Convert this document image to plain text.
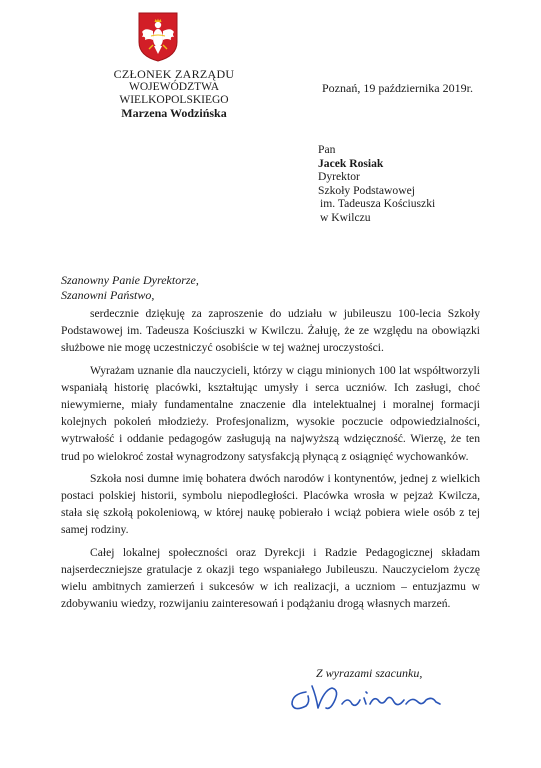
CZŁONEK ZARZĄDU
WOJEWÓDZTWA WIELKOPOLSKIEGO
Marzena Wodzińska
Poznań, 19 października 2019r.
Pan
Jacek Rosiak
Dyrektor
Szkoły Podstawowej
im. Tadeusza Kościuszki
w Kwilczu
Szanowny Panie Dyrektorze,
Szanowni Państwo,

serdecznie dziękuję za zaproszenie do udziału w jubileuszu 100-lecia Szkoły Podstawowej im. Tadeusza Kościuszki w Kwilczu. Żałuję, że ze względu na obowiązki służbowe nie mogę uczestniczyć osobiście w tej ważnej uroczystości.

Wyrażam uznanie dla nauczycieli, którzy w ciągu minionych 100 lat współtworzyli wspaniałą historię placówki, kształtując umysły i serca uczniów. Ich zasługi, choć niewymierne, miały fundamentalne znaczenie dla intelektualnej i moralnej formacji kolejnych pokoleń młodzieży. Profesjonalizm, wysokie poczucie odpowiedzialności, wytrwałość i oddanie pedagogów zasługują na najwyższą wdzięczność. Wierzę, że ten trud po wielokroć został wynagrodzony satysfakcją płynącą z osiągnięć wychowanków.

Szkoła nosi dumne imię bohatera dwóch narodów i kontynentów, jednej z wielkich postaci polskiej historii, symbolu niepodległości. Placówka wrosła w pejzaż Kwilcza, stała się szkołą pokoleniową, w której naukę pobierało i wciąż pobiera wiele osób z tej samej rodziny.

Całej lokalnej społeczności oraz Dyrekcji i Radzie Pedagogicznej składam najserdeczniejsze gratulacje z okazji tego wspaniałego Jubileuszu. Nauczycielom życzę wielu ambitnych zamierzeń i sukcesów w ich realizacji, a uczniom – entuzjazmu w zdobywaniu wiedzy, rozwijaniu zainteresowań i podążaniu drogą własnych marzeń.

Z wyrazami szacunku,
